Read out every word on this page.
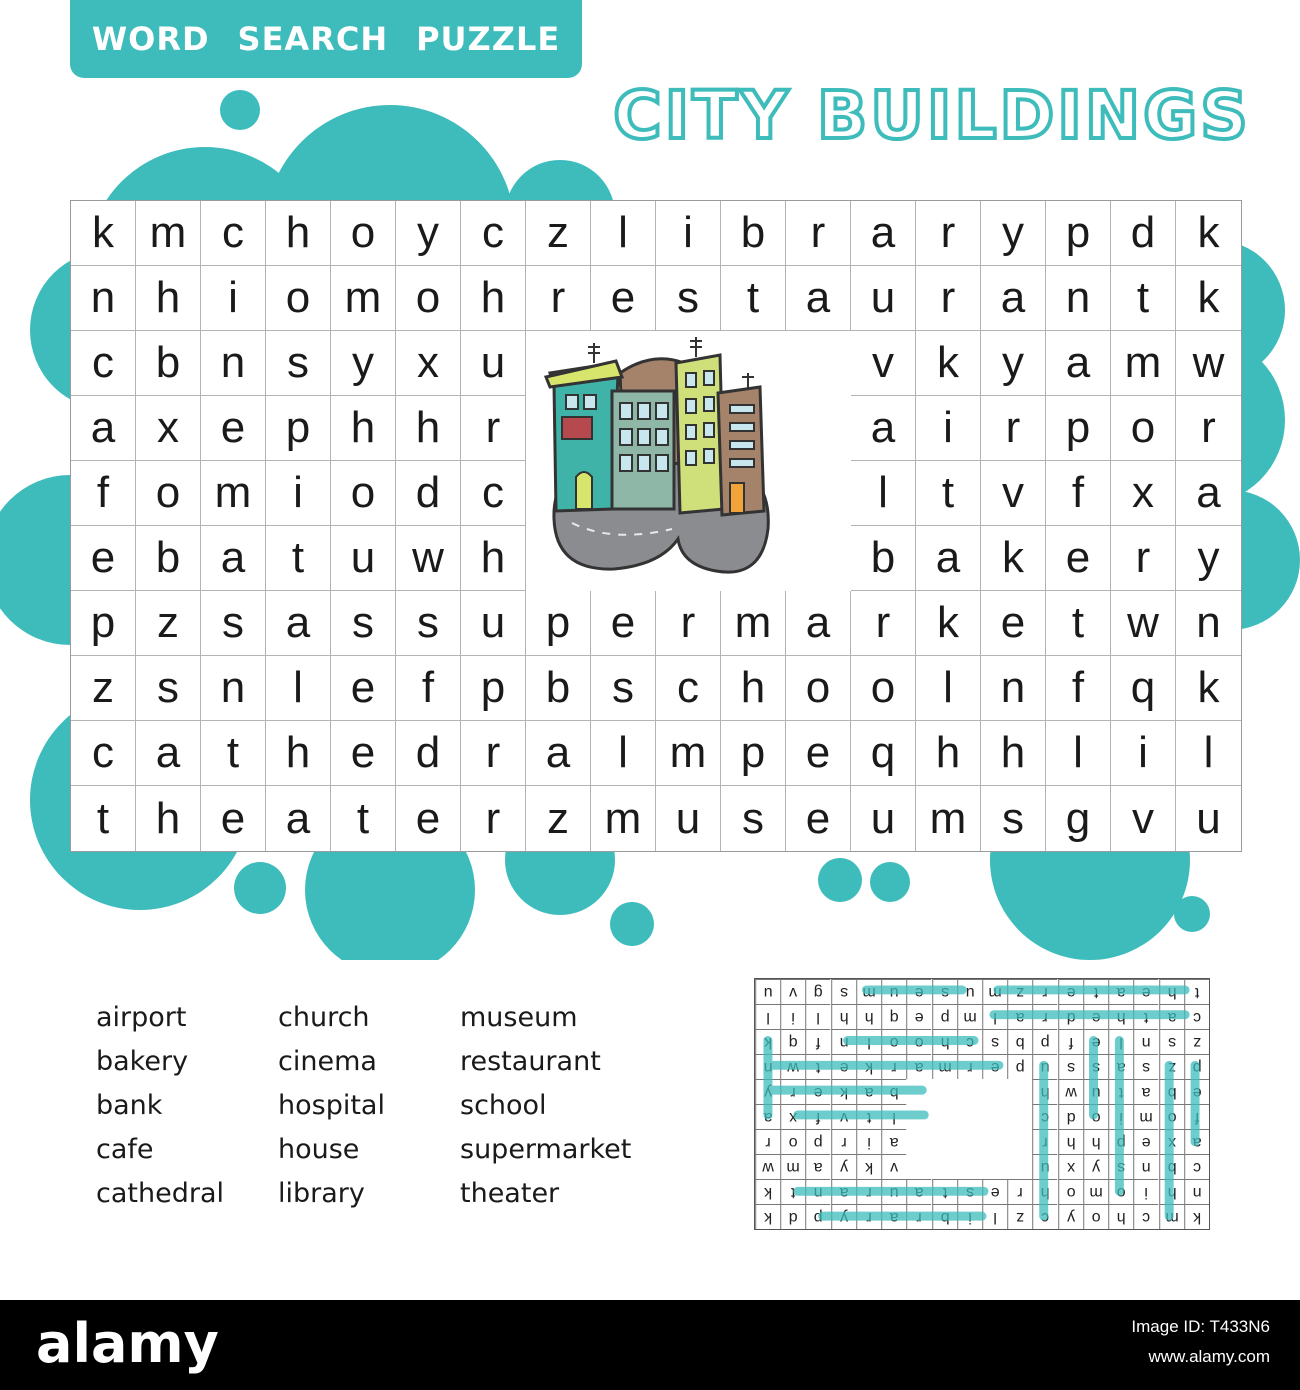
WORD SEARCH PUZZLE
CITY BUILDINGS
k m c h o y c z	l	i	b	r	a	r	y p d k
n h	i	o m o h	r	e s	t	a u	r	a n	t	k
c b n s y x u	v k y a m w
a x e p h h	r	a	i	r	p o	r
f	o m i	o d c	l	t	v	f	x a
e b a	t	u w h	b a k e	r	y
p z s a s s u p e	r m a	r	k e	t w n
z s n	l	e	f	p b s c h o o	l	n	f	q k
c a	t	h e d	r	a	l m p e q h h	l	i	l
t	h e a	t	e	r	z m u s e u m s g v u
airport
bakery
bank
cafe
cathedral
church
cinema
hospital
house
library
museum
restaurant
school
supermarket
theater
u	v	g	s m u	e	s	u m z	r	e	t	a	e	h	t
l	i	l	h	h	q	e	p m	l	a	r	d	e	h	t	a	c
k	q	f	n	l	o	o	h	c	s	b	p	f	e	l	n	s	z
n w	t	e	k	r	a m r	e	p	u	s	s	a	s	z	p
y	r	e	k	a	b	h w u	t	a	b	e
a	x	f	v	t	l	c	d	o	i	m o	f
r	o	p	r	i	a	r	h	h	p	e	x	a
w m a	y	k	v	u	x	y	s	n	b	c
k	t	n	a	r	u	a	t	s	e	r	h	o m o	i	h	n
k	d	p	y	r	a	r	b	i	l	z	c	y	o	h	c m k
alamy	Image ID: T433N6
www.alamy.com
